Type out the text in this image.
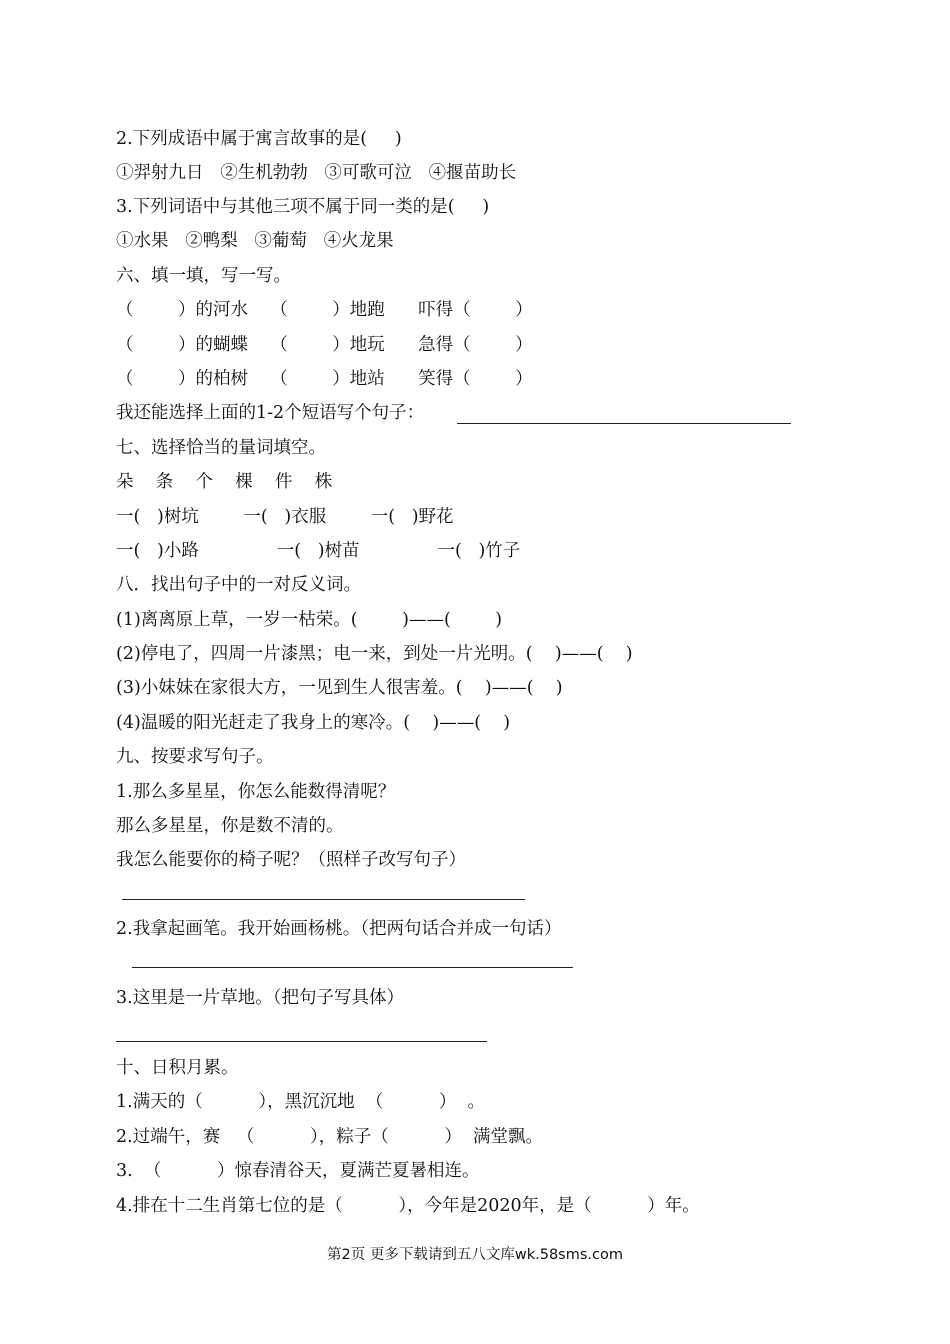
2.下列成语中属于寓言故事的是(     )
①羿射九日   ②生机勃勃   ③可歌可泣   ④揠苗助长
3.下列词语中与其他三项不属于同一类的是(     )
①水果   ②鸭梨   ③葡萄   ④火龙果
六、填一填，写一写。
（        ）的河水    （        ）地跑      吓得（        ）
（        ）的蝴蝶    （        ）地玩      急得（        ）
（        ）的柏树    （        ）地站      笑得（        ）
我还能选择上面的1-2个短语写个句子：
七、选择恰当的量词填空。
朵    条    个    棵    件    株
一(   )树坑        一(   )衣服        一(   )野花
一(   )小路              一(   )树苗              一(   )竹子
八．找出句子中的一对反义词。
(1)离离原上草，一岁一枯荣。(        )——(        )
(2)停电了，四周一片漆黑；电一来，到处一片光明。(    )——(    )
(3)小妹妹在家很大方，一见到生人很害羞。(    )——(    )
(4)温暖的阳光赶走了我身上的寒冷。(    )——(    )
九、按要求写句子。
1.那么多星星，你怎么能数得清呢？
那么多星星，你是数不清的。
我怎么能要你的椅子呢？（照样子改写句子）
2.我拿起画笔。我开始画杨桃。（把两句话合并成一句话）
3.这里是一片草地。（把句子写具体）
十、日积月累。
1.满天的（          ），黑沉沉地  （          ）  。
2.过端午，赛   （          ），粽子（          ）  满堂飘。
3.  （          ）惊春清谷天，夏满芒夏暑相连。
4.排在十二生肖第七位的是（          ），今年是2020年，是（          ）年。
第2页 更多下载请到五八文库wk.58sms.com
